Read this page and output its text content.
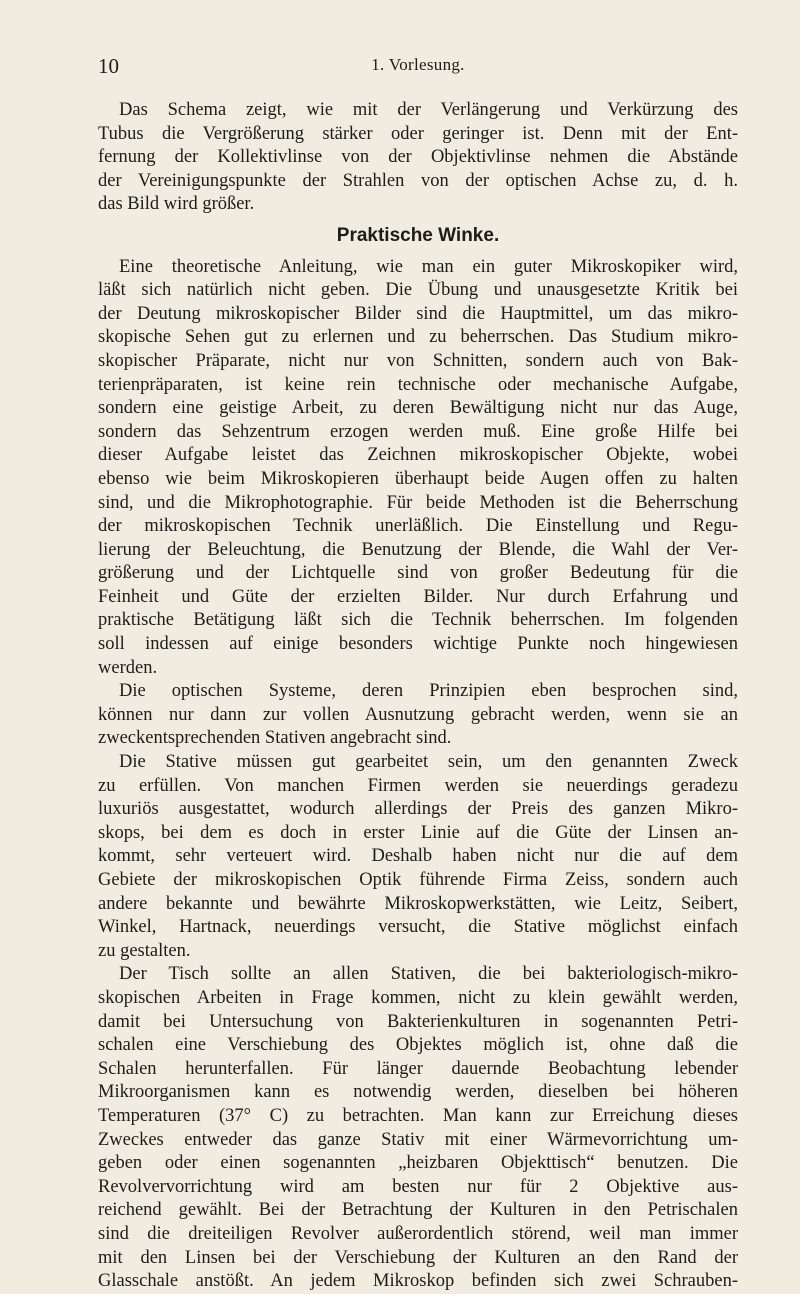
10	1. Vorlesung.
Das Schema zeigt, wie mit der Verlängerung und Verkürzung des
Tubus die Vergrößerung stärker oder geringer ist. Denn mit der Ent-
fernung der Kollektivlinse von der Objektivlinse nehmen die Abstände
der Vereinigungspunkte der Strahlen von der optischen Achse zu, d. h.
das Bild wird größer.
Praktische Winke.
Eine theoretische Anleitung, wie man ein guter Mikroskopiker wird,
läßt sich natürlich nicht geben. Die Übung und unausgesetzte Kritik bei
der Deutung mikroskopischer Bilder sind die Hauptmittel, um das mikro-
skopische Sehen gut zu erlernen und zu beherrschen. Das Studium mikro-
skopischer Präparate, nicht nur von Schnitten, sondern auch von Bak-
terienpräparaten, ist keine rein technische oder mechanische Aufgabe,
sondern eine geistige Arbeit, zu deren Bewältigung nicht nur das Auge,
sondern das Sehzentrum erzogen werden muß. Eine große Hilfe bei
dieser Aufgabe leistet das Zeichnen mikroskopischer Objekte, wobei
ebenso wie beim Mikroskopieren überhaupt beide Augen offen zu halten
sind, und die Mikrophotographie. Für beide Methoden ist die Beherrschung
der mikroskopischen Technik unerläßlich. Die Einstellung und Regu-
lierung der Beleuchtung, die Benutzung der Blende, die Wahl der Ver-
größerung und der Lichtquelle sind von großer Bedeutung für die
Feinheit und Güte der erzielten Bilder. Nur durch Erfahrung und
praktische Betätigung läßt sich die Technik beherrschen. Im folgenden
soll indessen auf einige besonders wichtige Punkte noch hingewiesen
werden.
Die optischen Systeme, deren Prinzipien eben besprochen sind,
können nur dann zur vollen Ausnutzung gebracht werden, wenn sie an
zweckentsprechenden Stativen angebracht sind.
Die Stative müssen gut gearbeitet sein, um den genannten Zweck
zu erfüllen. Von manchen Firmen werden sie neuerdings geradezu
luxuriös ausgestattet, wodurch allerdings der Preis des ganzen Mikro-
skops, bei dem es doch in erster Linie auf die Güte der Linsen an-
kommt, sehr verteuert wird. Deshalb haben nicht nur die auf dem
Gebiete der mikroskopischen Optik führende Firma Zeiss, sondern auch
andere bekannte und bewährte Mikroskopwerkstätten, wie Leitz, Seibert,
Winkel, Hartnack, neuerdings versucht, die Stative möglichst einfach
zu gestalten.
Der Tisch sollte an allen Stativen, die bei bakteriologisch-mikro-
skopischen Arbeiten in Frage kommen, nicht zu klein gewählt werden,
damit bei Untersuchung von Bakterienkulturen in sogenannten Petri-
schalen eine Verschiebung des Objektes möglich ist, ohne daß die
Schalen herunterfallen. Für länger dauernde Beobachtung lebender
Mikroorganismen kann es notwendig werden, dieselben bei höheren
Temperaturen (37° C) zu betrachten. Man kann zur Erreichung dieses
Zweckes entweder das ganze Stativ mit einer Wärmevorrichtung um-
geben oder einen sogenannten „heizbaren Objekttisch“ benutzen. Die
Revolvervorrichtung wird am besten nur für 2 Objektive aus-
reichend gewählt. Bei der Betrachtung der Kulturen in den Petrischalen
sind die dreiteiligen Revolver außerordentlich störend, weil man immer
mit den Linsen bei der Verschiebung der Kulturen an den Rand der
Glasschale anstößt. An jedem Mikroskop befinden sich zwei Schrauben-
